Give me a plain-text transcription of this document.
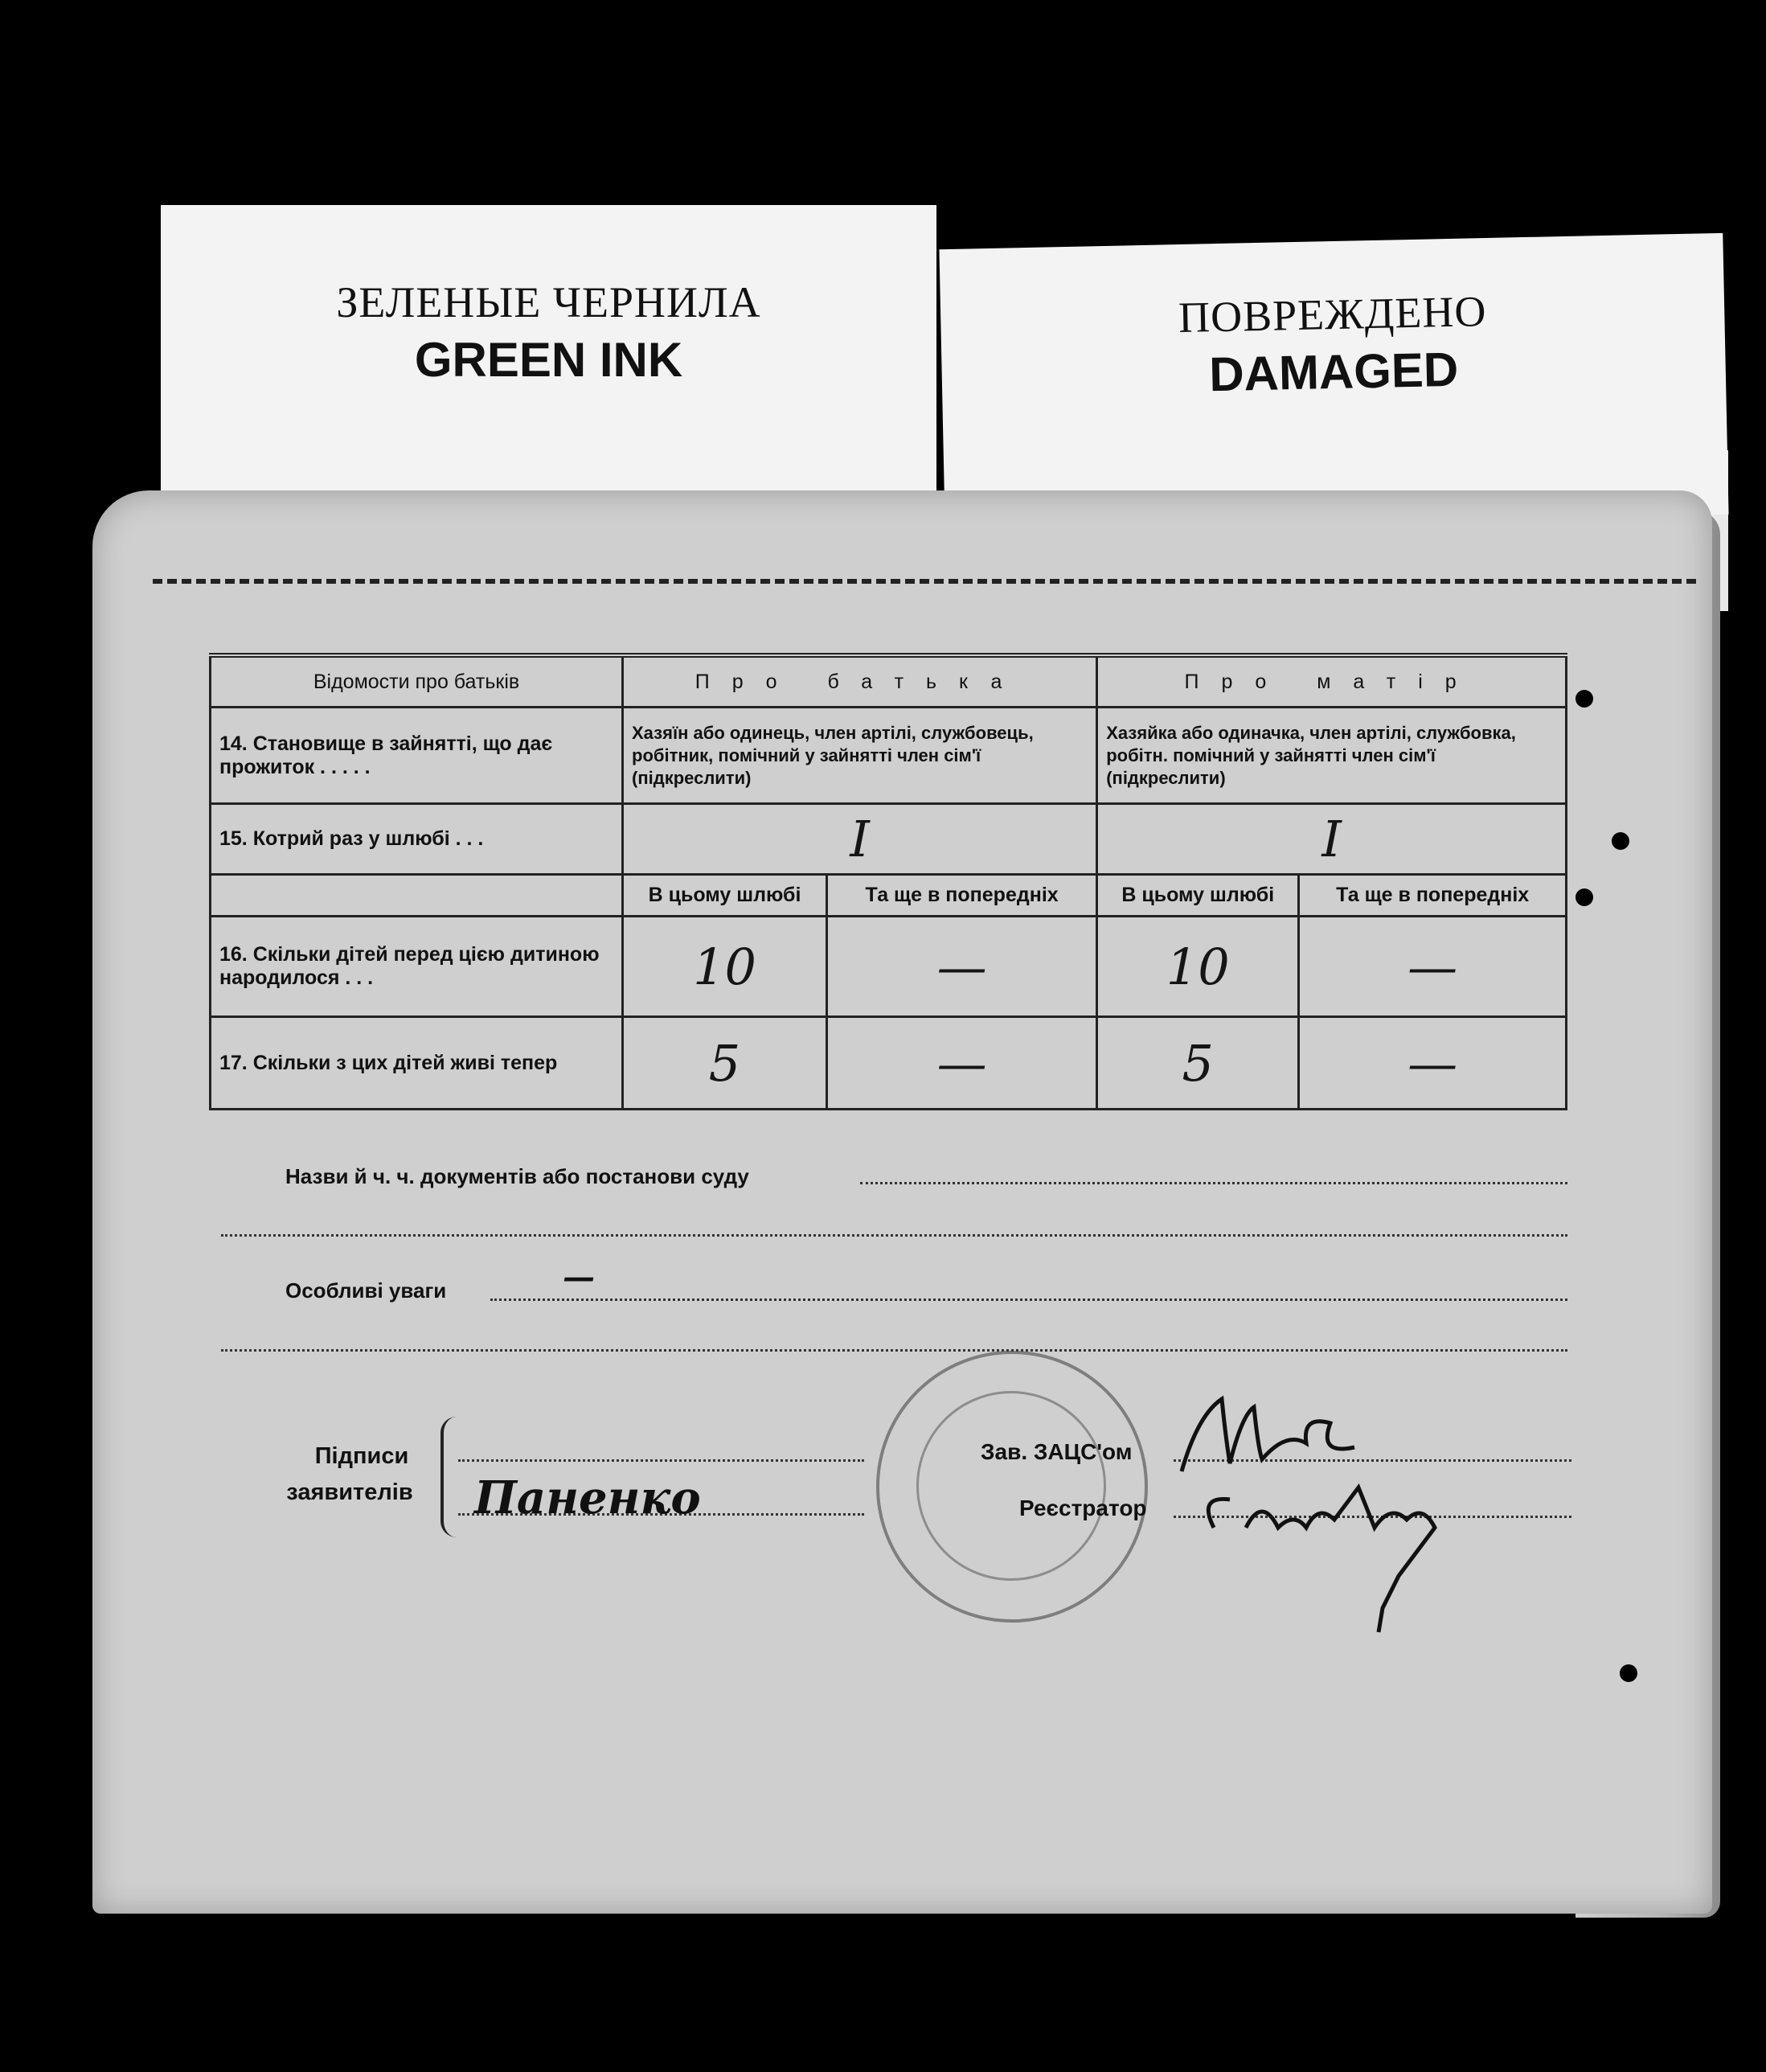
ЗЕЛЕНЫЕ ЧЕРНИЛА
GREEN INK
ПОВРЕЖДЕНО
DAMAGED
Відомости про батьків	Про батька		Про матір	
14. Становище в зайнятті, що дає прожиток . . . . .	Хазяїн або одинець, член артілі, службовець, робітник, помічний у зайнятті член сім'ї (підкреслити)		Хазяйка або одиначка, член артілі, службовка, робітн. помічний у зайнятті член сім'ї (підкреслити)	
15. Котрий раз у шлюбі . . .	I		I	
	В цьому шлюбі	Та ще в попередніх	В цьому шлюбі	Та ще в попередніх
16. Скільки дітей перед цією дитиною народилося . . .	10	—	10	—
17. Скільки з цих дітей живі тепер	5	—	5	—
Назви й ч. ч. документів або постанови суду
Особливі уваги	—
Підписи
заявителів Паненко
Зав. ЗАЦС'ом
Реєстратор
